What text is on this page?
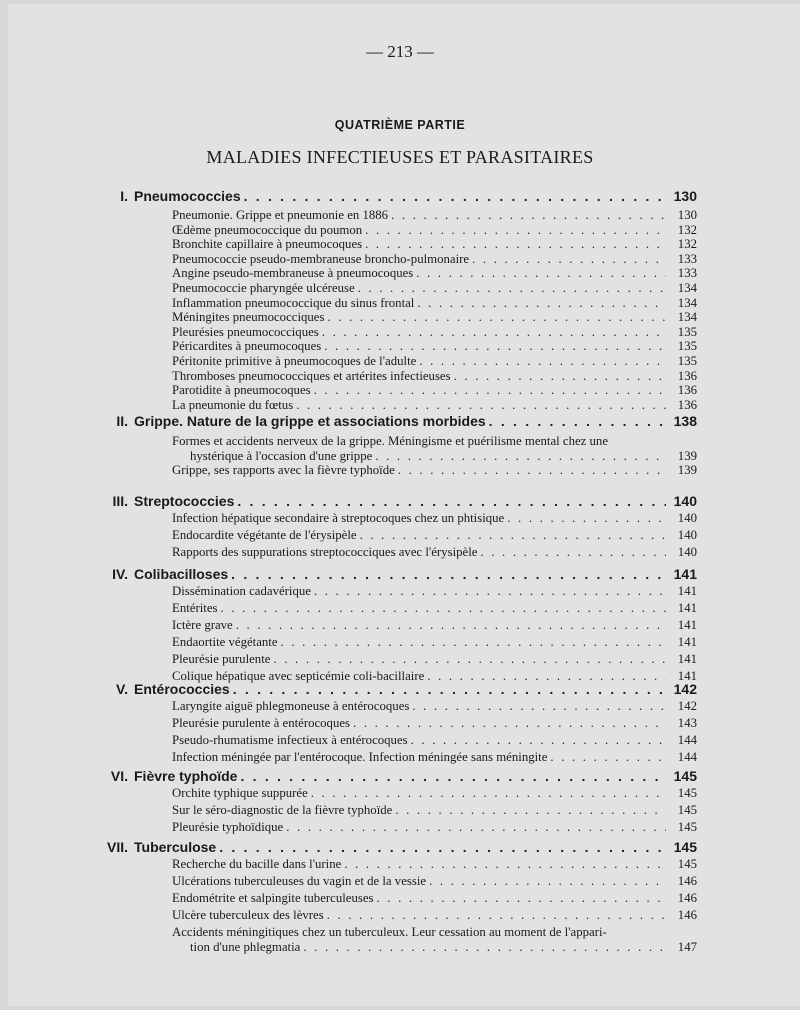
— 213 —
QUATRIÈME PARTIE
MALADIES INFECTIEUSES ET PARASITAIRES
I. Pneumococcies . . .	130
Pneumonie. Grippe et pneumonie en 1886 . . .	130
Œdème pneumococcique du poumon . . .	132
Bronchite capillaire à pneumocoques . . .	132
Pneumococcie pseudo-membraneuse broncho-pulmonaire . . .	133
Angine pseudo-membraneuse à pneumocoques . . .	133
Pneumococcie pharyngée ulcéreuse . . .	134
Inflammation pneumococcique du sinus frontal . . .	134
Méningites pneumococciques . . .	134
Pleurésies pneumococciques . . .	135
Péricardites à pneumocoques . . .	135
Péritonite primitive à pneumocoques de l'adulte . . .	135
Thromboses pneumococciques et artérites infectieuses . . .	136
Parotidite à pneumocoques . . .	136
La pneumonie du fœtus . . .	136
II. Grippe. Nature de la grippe et associations morbides . . .	138
Formes et accidents nerveux de la grippe. Méningisme et puérilisme mental chez une
hystérique à l'occasion d'une grippe . . .	139
Grippe, ses rapports avec la fièvre typhoïde . . .	139
III. Streptococcies . . .	140
Infection hépatique secondaire à streptocoques chez un phtisique . . .	140
Endocardite végétante de l'érysipèle . . .	140
Rapports des suppurations streptococciques avec l'érysipèle . . .	140
IV. Colibacilloses . . .	141
Dissémination cadavérique . . .	141
Entérites . . .	141
Ictère grave . . .	141
Endaortite végétante . . .	141
Pleurésie purulente . . .	141
Colique hépatique avec septicémie coli-bacillaire . . .	141
V. Entérococcies . . .	142
Laryngite aiguë phlegmoneuse à entérocoques . . .	142
Pleurésie purulente à entérocoques . . .	143
Pseudo-rhumatisme infectieux à entérocoques . . .	144
Infection méningée par l'entérocoque. Infection méningée sans méningite . . .	144
VI. Fièvre typhoïde . . .	145
Orchite typhique suppurée . . .	145
Sur le séro-diagnostic de la fièvre typhoïde . . .	145
Pleurésie typhoïdique . . .	145
VII. Tuberculose . . .	145
Recherche du bacille dans l'urine . . .	145
Ulcérations tuberculeuses du vagin et de la vessie . . .	146
Endométrite et salpingite tuberculeuses . . .	146
Ulcère tuberculeux des lèvres . . .	146
Accidents méningitiques chez un tuberculeux. Leur cessation au moment de l'appari-
tion d'une phlegmatia . . .	147
